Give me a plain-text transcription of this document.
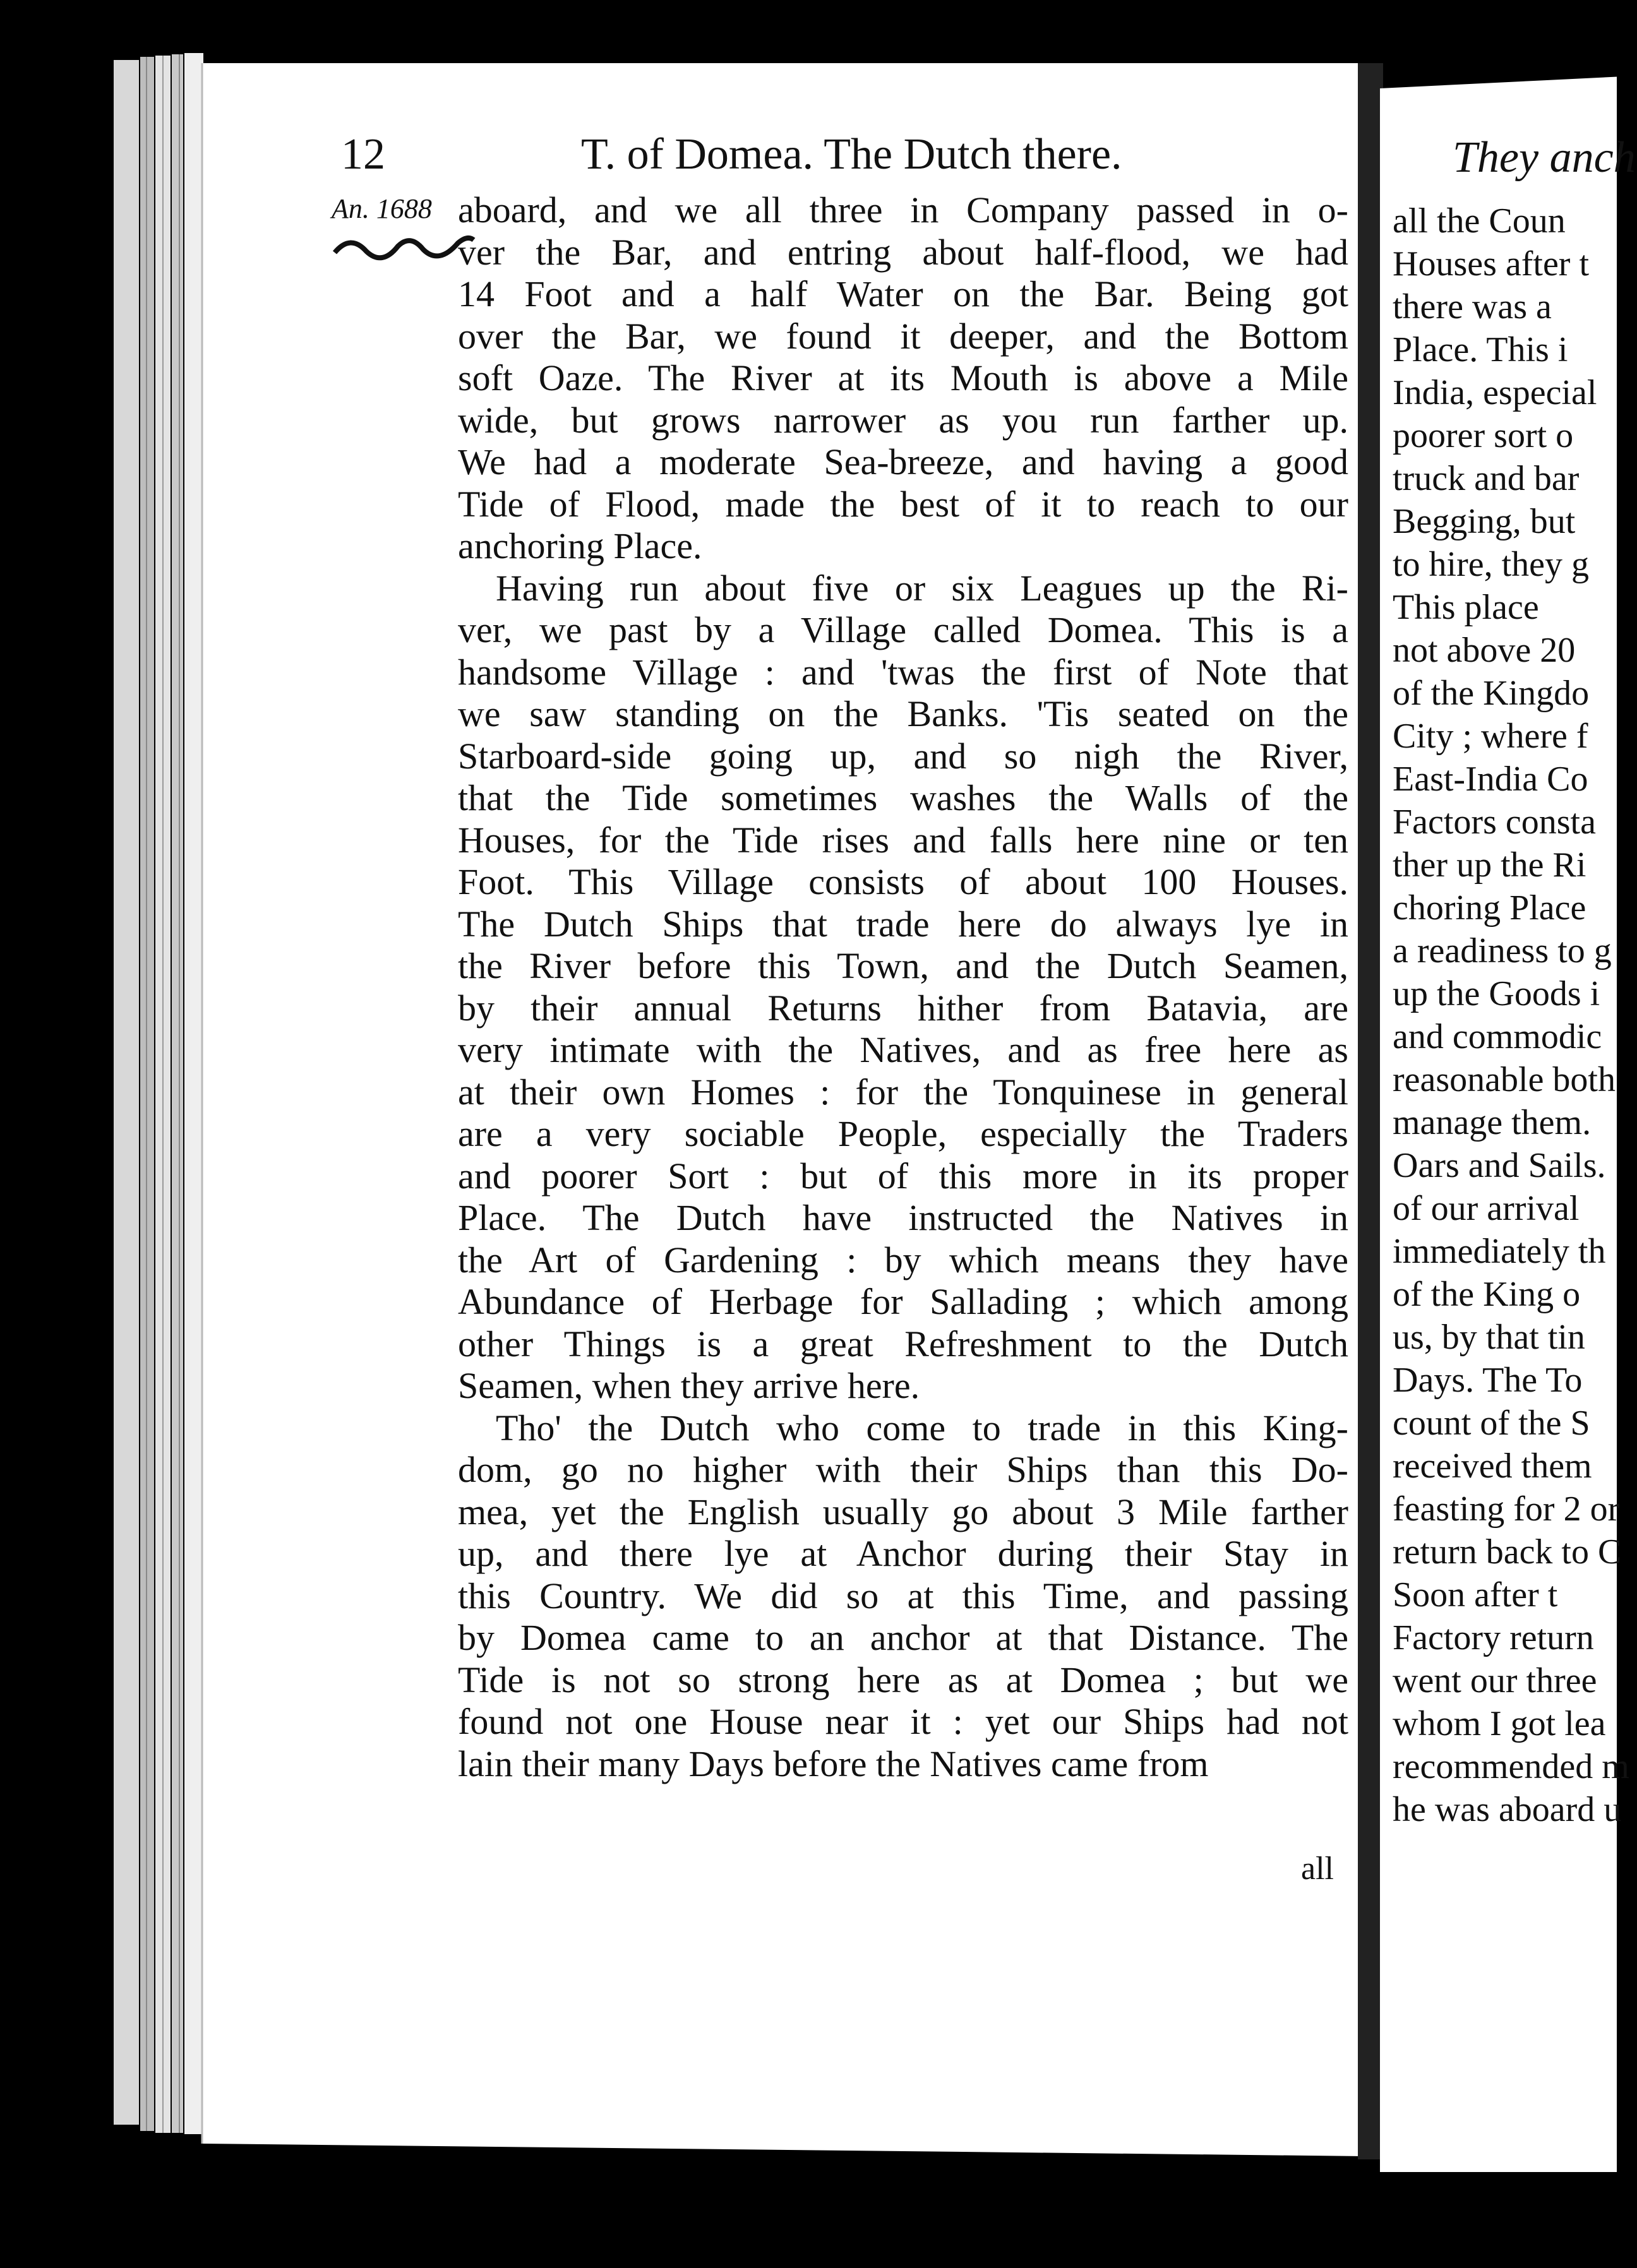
12	T. of Domea. The Dutch there.
An. 1688 aboard, and we all three in Company passed in o-
ver the Bar, and entring about half-flood, we had
14 Foot and a half Water on the Bar. Being got
over the Bar, we found it deeper, and the Bottom
soft Oaze. The River at its Mouth is above a Mile
wide, but grows narrower as you run farther up.
We had a moderate Sea-breeze, and having a good
Tide of Flood, made the best of it to reach to our
anchoring Place.
Having run about five or six Leagues up the Ri-
ver, we past by a Village called Domea. This is a
handsome Village : and 'twas the first of Note that
we saw standing on the Banks. 'Tis seated on the
Starboard-side going up, and so nigh the River,
that the Tide sometimes washes the Walls of the
Houses, for the Tide rises and falls here nine or ten
Foot. This Village consists of about 100 Houses.
The Dutch Ships that trade here do always lye in
the River before this Town, and the Dutch Seamen,
by their annual Returns hither from Batavia, are
very intimate with the Natives, and as free here as
at their own Homes : for the Tonquinese in general
are a very sociable People, especially the Traders
and poorer Sort : but of this more in its proper
Place. The Dutch have instructed the Natives in
the Art of Gardening : by which means they have
Abundance of Herbage for Sallading ; which among
other Things is a great Refreshment to the Dutch
Seamen, when they arrive here.
Tho' the Dutch who come to trade in this King-
dom, go no higher with their Ships than this Do-
mea, yet the English usually go about 3 Mile farther
up, and there lye at Anchor during their Stay in
this Country. We did so at this Time, and passing
by Domea came to an anchor at that Distance. The
Tide is not so strong here as at Domea ; but we
found not one House near it : yet our Ships had not
lain their many Days before the Natives came from
all
They anch
all the Coun
Houses after t
there was a
Place. This i
India, especial
poorer sort o
truck and bar
Begging, but
to hire, they g
This place
not above 20
of the Kingdo
City ; where f
East-India Co
Factors consta
ther up the Ri
choring Place
a readiness to g
up the Goods i
and commodic
reasonable both
manage them.
Oars and Sails.
of our arrival
immediately th
of the King o
us, by that tin
Days. The To
count of the S
received them
feasting for 2 or
return back to C
Soon after t
Factory return
went our three
whom I got lea
recommended m
he was aboard u
